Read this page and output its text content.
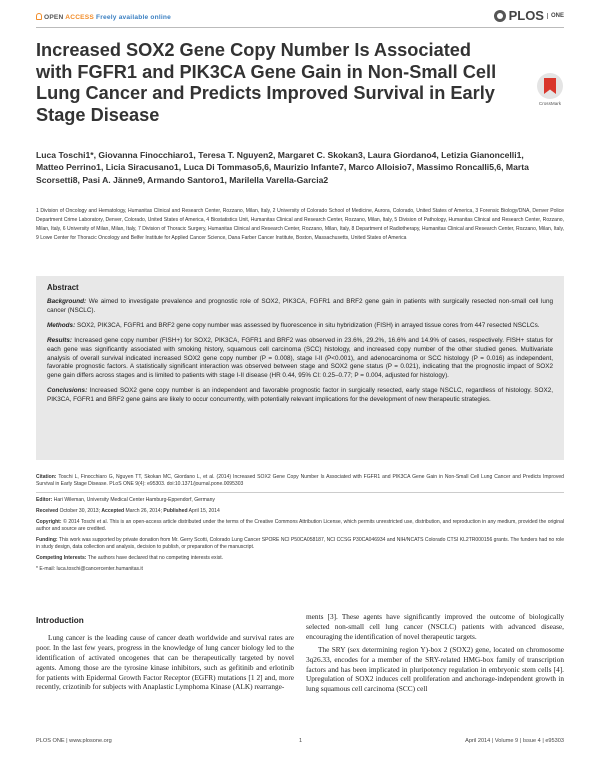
OPEN ACCESS Freely available online	PLOS	ONE
Increased SOX2 Gene Copy Number Is Associated with FGFR1 and PIK3CA Gene Gain in Non-Small Cell Lung Cancer and Predicts Improved Survival in Early Stage Disease
CrossMark
Luca Toschi1*, Giovanna Finocchiaro1, Teresa T. Nguyen2, Margaret C. Skokan3, Laura Giordano4, Letizia Gianoncelli1, Matteo Perrino1, Licia Siracusano1, Luca Di Tommaso5,6, Maurizio Infante7, Marco Alloisio7, Massimo Roncalli5,6, Marta Scorsetti8, Pasi A. Jänne9, Armando Santoro1, Marilella Varella-Garcia2
1 Division of Oncology and Hematology, Humanitas Clinical and Research Center, Rozzano, Milan, Italy, 2 University of Colorado School of Medicine, Aurora, Colorado, United States of America, 3 Forensic Biology/DNA, Denver Police Department Crime Laboratory, Denver, Colorado, United States of America, 4 Biostatistics Unit, Humanitas Clinical and Research Center, Rozzano, Milan, Italy, 5 Division of Pathology, Humanitas Clinical and Research Center, Rozzano, Milan, Italy, 6 University of Milan, Milan, Italy, 7 Division of Thoracic Surgery, Humanitas Clinical and Research Center, Rozzano, Milan, Italy, 8 Department of Radiotherapy, Humanitas Clinical and Research Center, Rozzano, Milan, Italy, 9 Lowe Center for Thoracic Oncology and Belfer Institute for Applied Cancer Science, Dana Farber Cancer Institute, Boston, Massachusetts, United States of America
Abstract

Background: We aimed to investigate prevalence and prognostic role of SOX2, PIK3CA, FGFR1 and BRF2 gene gain in patients with surgically resected non-small cell lung cancer (NSCLC).

Methods: SOX2, PIK3CA, FGFR1 and BRF2 gene copy number was assessed by fluorescence in situ hybridization (FISH) in arrayed tissue cores from 447 resected NSCLCs.

Results: Increased gene copy number (FISH+) for SOX2, PIK3CA, FGFR1 and BRF2 was observed in 23.6%, 29.2%, 16.6% and 14.9% of cases, respectively. FISH+ status for each gene was significantly associated with smoking history, squamous cell carcinoma (SCC) histology, and increased copy number of the other studied genes. Multivariate analysis of overall survival indicated increased SOX2 gene copy number (P = 0.008), stage I-II (P<0.001), and adenocarcinoma or SCC histology (P = 0.016) as independent, favorable prognostic factors. A statistically significant interaction was observed between stage and SOX2 gene status (P = 0.021), indicating that the prognostic impact of SOX2 gene gain differs across stages and is limited to patients with stage I-II disease (HR 0.44, 95% CI: 0.25–0.77; P = 0.004, adjusted for histology).

Conclusions: Increased SOX2 gene copy number is an independent and favorable prognostic factor in surgically resected, early stage NSCLC, regardless of histology. SOX2, PIK3CA, FGFR1 and BRF2 gene gains are likely to occur concurrently, with potentially relevant implications for the development of new therapeutic strategies.

Citation: Toschi L, Finocchiaro G, Nguyen TT, Skokan MC, Giordano L, et al. (2014) Increased SOX2 Gene Copy Number Is Associated with FGFR1 and PIK3CA Gene Gain in Non-Small Cell Lung Cancer and Predicts Improved Survival in Early Stage Disease. PLoS ONE 9(4): e95303. doi:10.1371/journal.pone.0095303

Editor: Hari Wileman, University Medical Center Hamburg-Eppendorf, Germany

Received October 30, 2013; Accepted March 26, 2014; Published April 15, 2014

Copyright: © 2014 Toschi et al. This is an open-access article distributed under the terms of the Creative Commons Attribution License, which permits unrestricted use, distribution, and reproduction in any medium, provided the original author and source are credited.

Funding: This work was supported by private donation from Mr. Gerry Scotti, Colorado Lung Cancer SPORE NCI P50CA058187, NCI CCSG P30CA046934 and NIH/NCATS Colorado CTSI KL2TR000156 grants. The funders had no role in study design, data collection and analysis, decision to publish, or preparation of the manuscript.

Competing Interests: The authors have declared that no competing interests exist.

* E-mail: luca.toschi@cancercenter.humanitas.it

Introduction

Lung cancer is the leading cause of cancer death worldwide and survival rates are poor. In the last few years, progress in the knowledge of lung cancer biology led to the identification of activated oncogenes that can be therapeutically targeted by novel agents. Among those are the tyrosine kinase inhibitors, such as gefitinib and erlotinib for patients with Epidermal Growth Factor Receptor (EGFR) mutations [1 2] and, more recently, crizotinib for subjects with Anaplastic Lymphoma Kinase (ALK) rearrange-

ments [3]. These agents have significantly improved the outcome of biologically selected non-small cell lung cancer (NSCLC) patients with advanced disease, encouraging the identification of novel therapeutic targets.

The SRY (sex determining region Y)-box 2 (SOX2) gene, located on chromosome 3q26.33, encodes for a member of the SRY-related HMG-box family of transcription factors and has been implicated in pluripotency regulation in embryonic stem cells [4]. Upregulation of SOX2 induces cell proliferation and anchorage-independent growth in lung squamous cell carcinoma (SCC) cell

PLOS ONE | www.plosone.org	1	April 2014 | Volume 9 | Issue 4 | e95303
